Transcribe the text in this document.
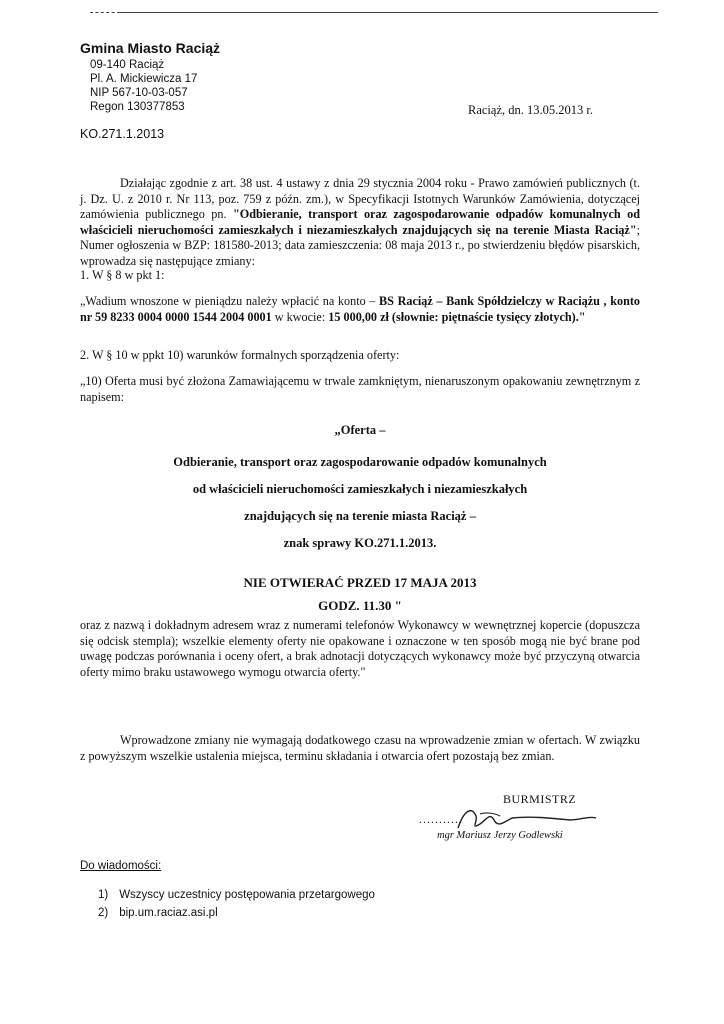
Gmina Miasto Raciąż
09-140 Raciąż
Pl. A. Mickiewicza 17
NIP 567-10-03-057
Regon 130377853	Raciąż, dn. 13.05.2013 r.
KO.271.1.2013
Działając zgodnie z art. 38 ust. 4 ustawy z dnia 29 stycznia 2004 roku - Prawo zamówień publicznych (t. j. Dz. U. z 2010 r. Nr 113, poz. 759 z późn. zm.), w Specyfikacji Istotnych Warunków Zamówienia, dotyczącej zamówienia publicznego pn. "Odbieranie, transport oraz zagospodarowanie odpadów komunalnych od właścicieli nieruchomości zamieszkałych i niezamieszkałych znajdujących się na terenie Miasta Raciąż"; Numer ogłoszenia w BZP: 181580-2013; data zamieszczenia: 08 maja 2013 r., po stwierdzeniu błędów pisarskich, wprowadza się następujące zmiany:
1. W § 8 w pkt 1:
„Wadium wnoszone w pieniądzu należy wpłacić na konto – BS Raciąż – Bank Spółdzielczy w Raciążu , konto nr 59 8233 0004 0000 1544 2004 0001 w kwocie: 15 000,00 zł (słownie: piętnaście tysięcy złotych)."
2. W § 10 w ppkt 10) warunków formalnych sporządzenia oferty:
„10) Oferta musi być złożona Zamawiającemu w trwale zamkniętym, nienaruszonym opakowaniu zewnętrznym z napisem:
„Oferta –
Odbieranie, transport oraz zagospodarowanie odpadów komunalnych
od właścicieli nieruchomości zamieszkałych i niezamieszkałych
znajdujących się na terenie miasta Raciąż –
znak sprawy KO.271.1.2013.
NIE OTWIERAĆ PRZED 17 MAJA 2013
GODZ. 11.30 "
oraz z nazwą i dokładnym adresem wraz z numerami telefonów Wykonawcy w wewnętrznej kopercie (dopuszcza się odcisk stempla); wszelkie elementy oferty nie opakowane i oznaczone w ten sposób mogą nie być brane pod uwagę podczas porównania i oceny ofert, a brak adnotacji dotyczących wykonawcy może być przyczyną otwarcia oferty mimo braku ustawowego wymogu otwarcia oferty."
Wprowadzone zmiany nie wymagają dodatkowego czasu na wprowadzenie zmian w ofertach. W związku z powyższym wszelkie ustalenia miejsca, terminu składania i otwarcia ofert pozostają bez zmian.
BURMISTRZ
...........
mgr Mariusz Jerzy Godlewski
Do wiadomości:
1) Wszyscy uczestnicy postępowania przetargowego
2) bip.um.raciaz.asi.pl
